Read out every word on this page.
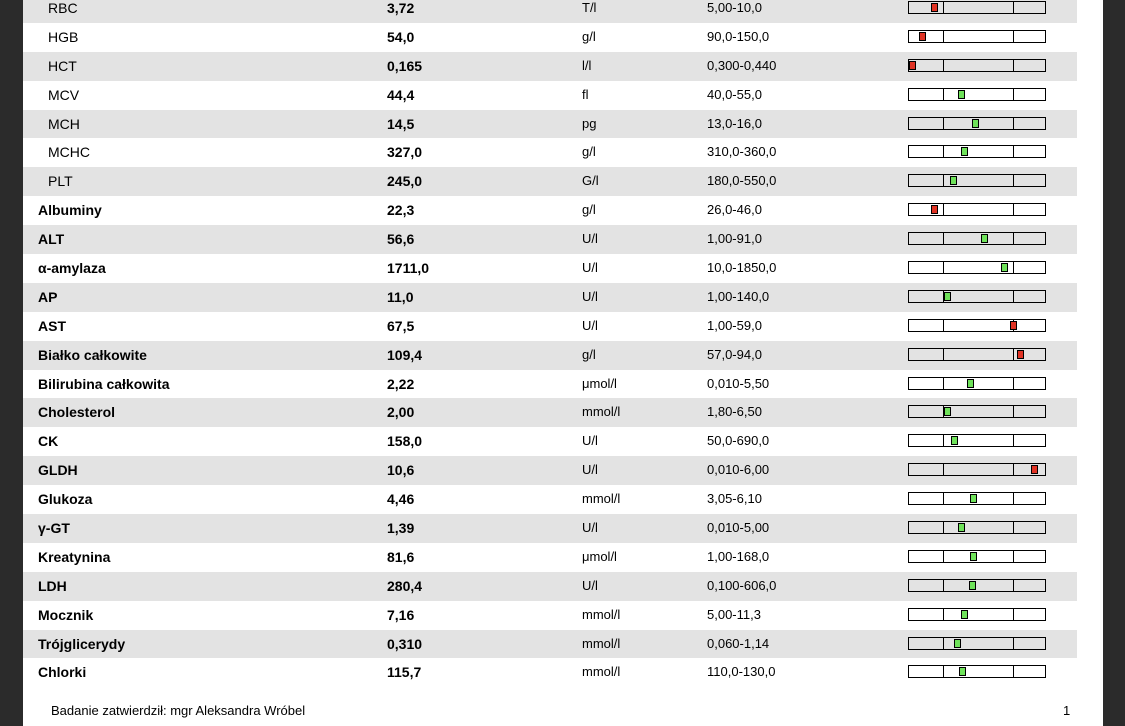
RBC	3,72	T/l	5,00-10,0
HGB	54,0	g/l	90,0-150,0
HCT	0,165	l/l	0,300-0,440
MCV	44,4	fl	40,0-55,0
MCH	14,5	pg	13,0-16,0
MCHC	327,0	g/l	310,0-360,0
PLT	245,0	G/l	180,0-550,0
Albuminy	22,3	g/l	26,0-46,0
ALT	56,6	U/l	1,00-91,0
α-amylaza	1711,0	U/l	10,0-1850,0
AP	11,0	U/l	1,00-140,0
AST	67,5	U/l	1,00-59,0
Białko całkowite	109,4	g/l	57,0-94,0
Bilirubina całkowita	2,22	μmol/l	0,010-5,50
Cholesterol	2,00	mmol/l	1,80-6,50
CK	158,0	U/l	50,0-690,0
GLDH	10,6	U/l	0,010-6,00
Glukoza	4,46	mmol/l	3,05-6,10
γ-GT	1,39	U/l	0,010-5,00
Kreatynina	81,6	μmol/l	1,00-168,0
LDH	280,4	U/l	0,100-606,0
Mocznik	7,16	mmol/l	5,00-11,3
Trójglicerydy	0,310	mmol/l	0,060-1,14
Chlorki	115,7	mmol/l	110,0-130,0
Badanie zatwierdził: mgr Aleksandra Wróbel	1
